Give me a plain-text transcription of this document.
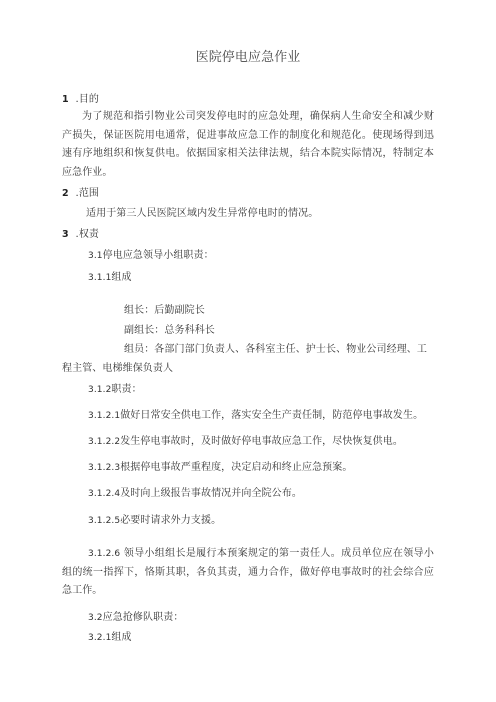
医院停电应急作业

1 .目的

为了规范和指引物业公司突发停电时的应急处理，确保病人生命安全和减少财产损失，保证医院用电通常，促进事故应急工作的制度化和规范化。使现场得到迅速有序地组织和恢复供电。依据国家相关法律法规，结合本院实际情况，特制定本应急作业。

2 .范围

适用于第三人民医院区域内发生异常停电时的情况。

3 .权责

3.1停电应急领导小组职责：

3.1.1组成

组长：后勤副院长

副组长：总务科科长

组员：各部门部门负责人、各科室主任、护士长、物业公司经理、工

程主管、电梯维保负责人

3.1.2职责：

3.1.2.1做好日常安全供电工作，落实安全生产责任制，防范停电事故发生。

3.1.2.2发生停电事故时，及时做好停电事故应急工作，尽快恢复供电。

3.1.2.3根据停电事故严重程度，决定启动和终止应急预案。

3.1.2.4及时向上级报告事故情况并向全院公布。

3.1.2.5必要时请求外力支援。

3.1.2.6 领导小组组长是履行本预案规定的第一责任人。成员单位应在领导小组的统一指挥下，恪斯其职，各负其责，通力合作，做好停电事故时的社会综合应急工作。

3.2应急抢修队职责：

3.2.1组成
